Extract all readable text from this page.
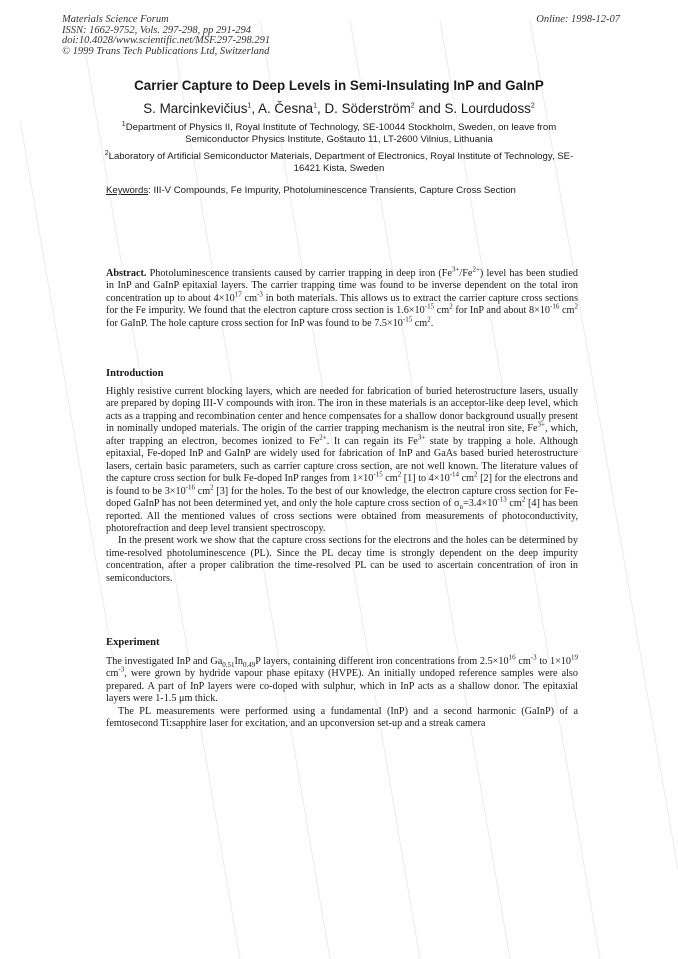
Materials Science Forum
ISSN: 1662-9752, Vols. 297-298, pp 291-294
doi:10.4028/www.scientific.net/MSF.297-298.291
© 1999 Trans Tech Publications Ltd, Switzerland
Online: 1998-12-07
Carrier Capture to Deep Levels in Semi-Insulating InP and GaInP
S. Marcinkevičius$^1$, A. Česna$^1$, D. Söderström$^2$ and S. Lourdudoss$^2$
$^1$Department of Physics II, Royal Institute of Technology, SE-10044 Stockholm, Sweden, on leave from Semiconductor Physics Institute, Goštauto 11, LT-2600 Vilnius, Lithuania
$^2$Laboratory of Artificial Semiconductor Materials, Department of Electronics, Royal Institute of Technology, SE-16421 Kista, Sweden
Keywords: III-V Compounds, Fe Impurity, Photoluminescence Transients, Capture Cross Section

Abstract. Photoluminescence transients caused by carrier trapping in deep iron $(Fe^{3+}/Fe^{2+})$ level has been studied in InP and GaInP epitaxial layers. The carrier trapping time was found to be inverse dependent on the total iron concentration up to about $4\times 10^{17}$ $cm^{-3}$ in both materials. This allows us to extract the carrier capture cross sections for the Fe impurity. We found that the electron capture cross section is $1.6\times 10^{-15}$ $cm^2$ for InP and about $8\times 10^{-16}$ $cm^2$ for GaInP. The hole capture cross section for InP was found to be $7.5\times 10^{-15}$ $cm^2$.

Introduction

Highly resistive current blocking layers, which are needed for fabrication of buried heterostructure lasers, usually are prepared by doping III-V compounds with iron. The iron in these materials is an acceptor-like deep level, which acts as a trapping and recombination center and hence compensates for a shallow donor background usually present in nominally undoped materials. The origin of the carrier trapping mechanism is the neutral iron site, $Fe^{3+}$, which, after trapping an electron, becomes ionized to $Fe^{2+}$. It can regain its $Fe^{3+}$ state by trapping a hole. Although epitaxial, Fe-doped InP and GaInP are widely used for fabrication of InP and GaAs based buried heterostructure lasers, certain basic parameters, such as carrier capture cross section, are not well known. The literature values of the capture cross section for bulk Fe-doped InP ranges from $1\times 10^{-15}$ $cm^2$ [1] to $4\times 10^{-14}$ $cm^2$ [2] for the electrons and is found to be $3\times 10^{-16}$ $cm^2$ [3] for the holes. To the best of our knowledge, the electron capture cross section for Fe-doped GaInP has not been determined yet, and only the hole capture cross section of $\sigma_n=3.4\times 10^{-13}$ $cm^2$ [4] has been reported. All the mentioned values of cross sections were obtained from measurements of photoconductivity, photorefraction and deep level transient spectroscopy.

In the present work we show that the capture cross sections for the electrons and the holes can be determined by time-resolved photoluminescence (PL). Since the PL decay time is strongly dependent on the deep impurity concentration, after a proper calibration the time-resolved PL can be used to ascertain concentration of iron in semiconductors.

Experiment

The investigated InP and $Ga_{0.51}In_{0.49}P$ layers, containing different iron concentrations from $2.5\times 10^{16}$ $cm^{-3}$ to $1\times 10^{19}$ $cm^{-3}$, were grown by hydride vapour phase epitaxy (HVPE). An initially undoped reference samples were also prepared. A part of InP layers were co-doped with sulphur, which in InP acts as a shallow donor. The epitaxial layers were 1-1.5 μm thick.

The PL measurements were performed using a fundamental (InP) and a second harmonic (GaInP) of a femtosecond Ti:sapphire laser for excitation, and an upconversion set-up and a streak camera
